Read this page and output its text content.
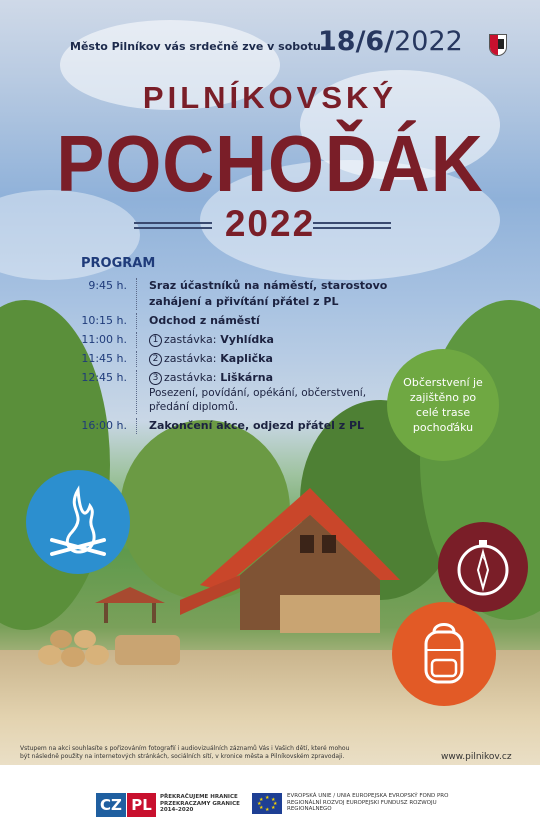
Město Pilníkov vás srdečně zve v sobotu
18/6/2022
PILNÍKOVSKÝ
POCHOĎÁK
2022
PROGRAM
9:45 h.	Sraz účastníků na náměstí, starostovo zahájení a přivítání přátel z PL
10:15 h.	Odchod z náměstí
11:00 h.	1 zastávka: Vyhlídka
11:45 h.	2 zastávka: Kaplička
12:45 h.	3 zastávka: Liškárna
Posezení, povídání, opékání, občerstvení, předání diplomů.
16:00 h.	Zakončení akce, odjezd přátel z PL
Občerstvení je zajištěno po celé trase pochoďáku
N
Vstupem na akci souhlasíte s pořizováním fotografií i audiovizuálních záznamů Vás i Vašich dětí, které mohou být následně použity na internetových stránkách, sociálních sítí, v kronice města a Pilníkovském zpravodaji.	www.pilnikov.cz
CZ PL	PŘEKRAČUJEME HRANICE PRZEKRACZAMY GRANICE 2014–2020
★ ★
★
★
★
★
★
★
EVROPSKÁ UNIE / UNIA EUROPEJSKA EVROPSKÝ FOND PRO REGIONÁLNÍ ROZVOJ EUROPEJSKI FUNDUSZ ROZWOJU REGIONALNEGO
